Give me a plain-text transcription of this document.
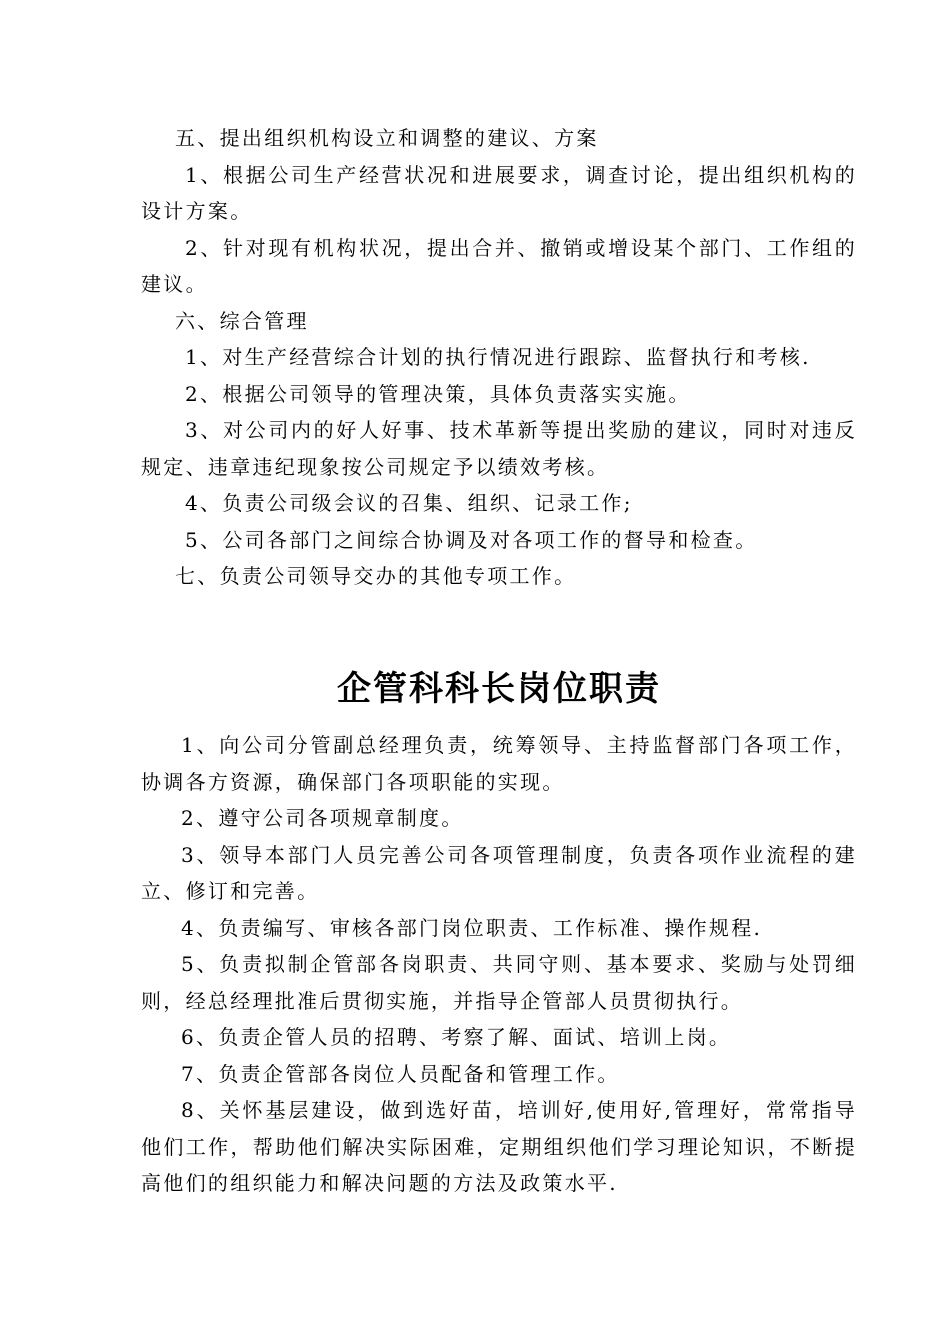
五、提出组织机构设立和调整的建议、方案

1、根据公司生产经营状况和进展要求，调查讨论，提出组织机构的设计方案。

2、针对现有机构状况，提出合并、撤销或增设某个部门、工作组的建议。

六、综合管理

1、对生产经营综合计划的执行情况进行跟踪、监督执行和考核.

2、根据公司领导的管理决策，具体负责落实实施。

3、对公司内的好人好事、技术革新等提出奖励的建议，同时对违反规定、违章违纪现象按公司规定予以绩效考核。

4、负责公司级会议的召集、组织、记录工作;

5、公司各部门之间综合协调及对各项工作的督导和检查。

七、负责公司领导交办的其他专项工作。

企管科科长岗位职责

1、向公司分管副总经理负责，统筹领导、主持监督部门各项工作，协调各方资源，确保部门各项职能的实现。

2、遵守公司各项规章制度。

3、领导本部门人员完善公司各项管理制度，负责各项作业流程的建立、修订和完善。

4、负责编写、审核各部门岗位职责、工作标准、操作规程.

5、负责拟制企管部各岗职责、共同守则、基本要求、奖励与处罚细则，经总经理批准后贯彻实施，并指导企管部人员贯彻执行。

6、负责企管人员的招聘、考察了解、面试、培训上岗。

7、负责企管部各岗位人员配备和管理工作。

8、关怀基层建设，做到选好苗，培训好,使用好,管理好，常常指导他们工作，帮助他们解决实际困难，定期组织他们学习理论知识，不断提高他们的组织能力和解决问题的方法及政策水平.
